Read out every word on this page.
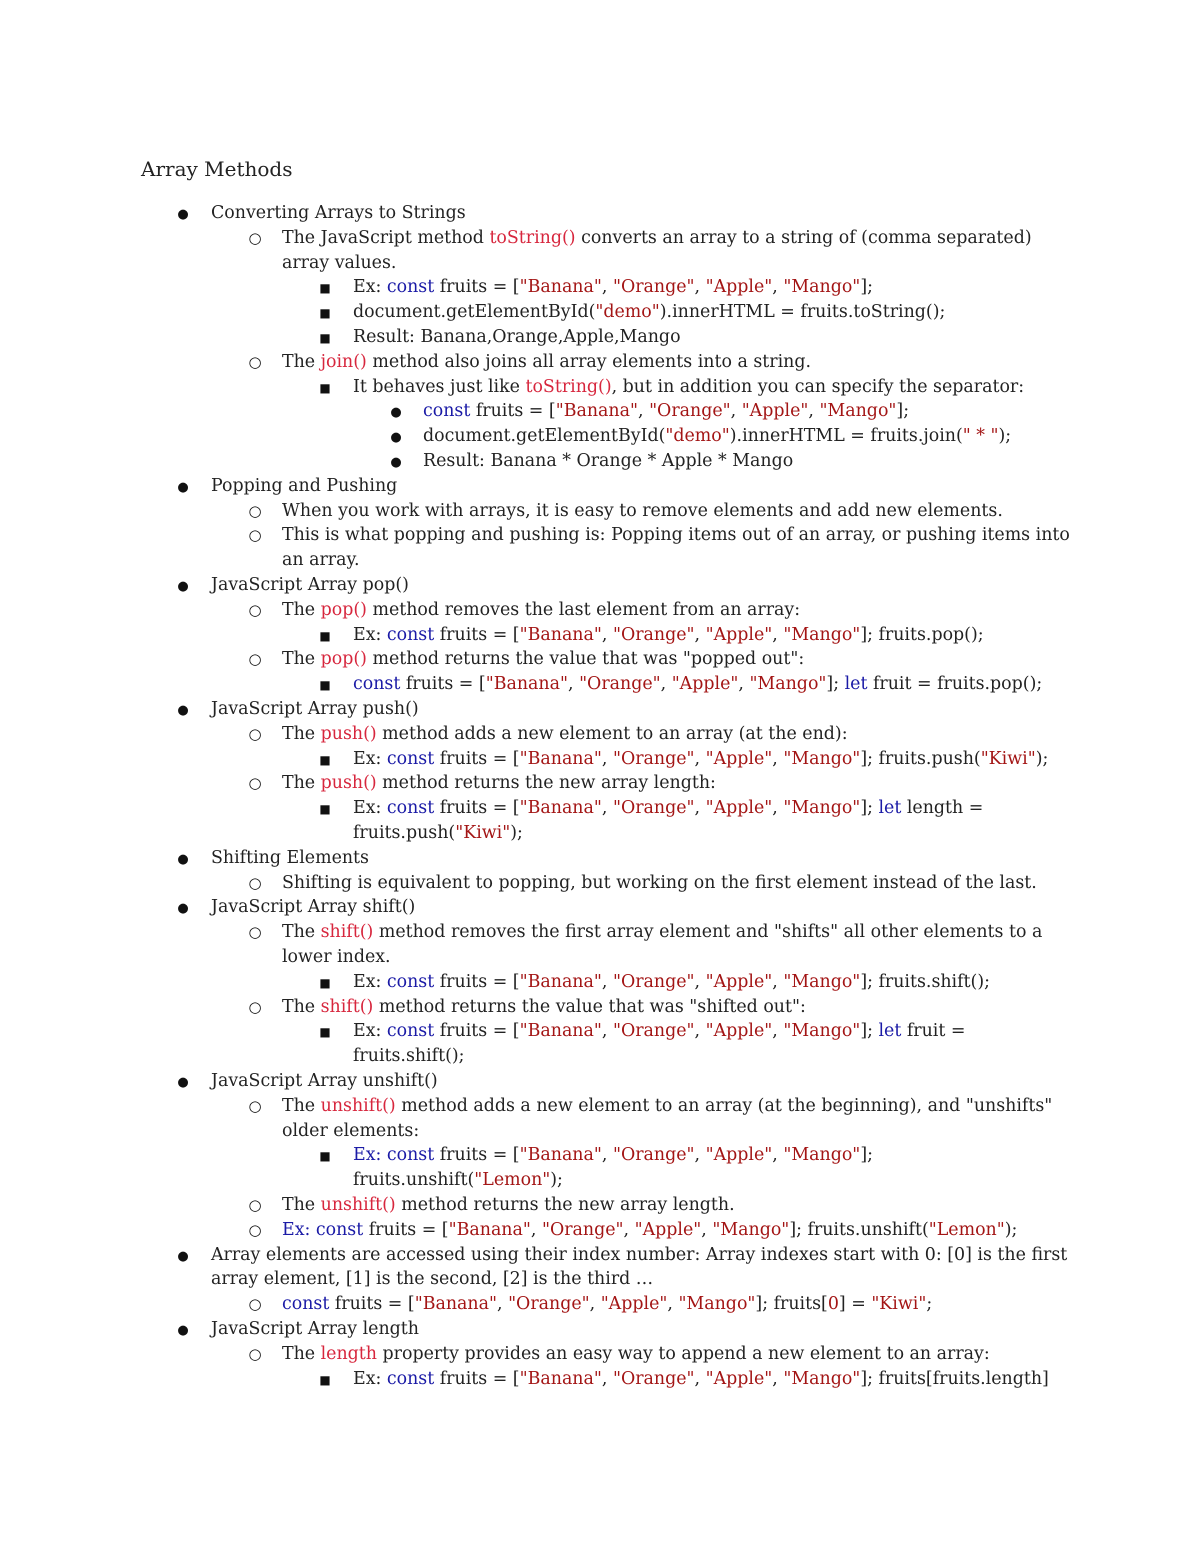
Array Methods
●
Converting Arrays to Strings
○
The JavaScript method toString() converts an array to a string of (comma separated)
array values.
■
Ex: const fruits = ["Banana", "Orange", "Apple", "Mango"];
■
document.getElementById("demo").innerHTML = fruits.toString();
■
Result: Banana,Orange,Apple,Mango
○
The join() method also joins all array elements into a string.
■
It behaves just like toString(), but in addition you can specify the separator:
●
const fruits = ["Banana", "Orange", "Apple", "Mango"];
●
document.getElementById("demo").innerHTML = fruits.join(" * ");
●
Result: Banana * Orange * Apple * Mango
●
Popping and Pushing
○
When you work with arrays, it is easy to remove elements and add new elements.
○
This is what popping and pushing is: Popping items out of an array, or pushing items into
an array.
●
JavaScript Array pop()
○
The pop() method removes the last element from an array:
■
Ex: const fruits = ["Banana", "Orange", "Apple", "Mango"]; fruits.pop();
○
The pop() method returns the value that was "popped out":
■
const fruits = ["Banana", "Orange", "Apple", "Mango"]; let fruit = fruits.pop();
●
JavaScript Array push()
○
The push() method adds a new element to an array (at the end):
■
Ex: const fruits = ["Banana", "Orange", "Apple", "Mango"]; fruits.push("Kiwi");
○
The push() method returns the new array length:
■
Ex: const fruits = ["Banana", "Orange", "Apple", "Mango"]; let length =
fruits.push("Kiwi");
●
Shifting Elements
○
Shifting is equivalent to popping, but working on the first element instead of the last.
●
JavaScript Array shift()
○
The shift() method removes the first array element and "shifts" all other elements to a
lower index.
■
Ex: const fruits = ["Banana", "Orange", "Apple", "Mango"]; fruits.shift();
○
The shift() method returns the value that was "shifted out":
■
Ex: const fruits = ["Banana", "Orange", "Apple", "Mango"]; let fruit =
fruits.shift();
●
JavaScript Array unshift()
○
The unshift() method adds a new element to an array (at the beginning), and "unshifts"
older elements:
■
Ex: const fruits = ["Banana", "Orange", "Apple", "Mango"];
fruits.unshift("Lemon");
○
The unshift() method returns the new array length.
○
Ex: const fruits = ["Banana", "Orange", "Apple", "Mango"]; fruits.unshift("Lemon");
●
Array elements are accessed using their index number: Array indexes start with 0: [0] is the first
array element, [1] is the second, [2] is the third …
○
const fruits = ["Banana", "Orange", "Apple", "Mango"]; fruits[0] = "Kiwi";
●
JavaScript Array length
○
The length property provides an easy way to append a new element to an array:
■
Ex: const fruits = ["Banana", "Orange", "Apple", "Mango"]; fruits[fruits.length]
